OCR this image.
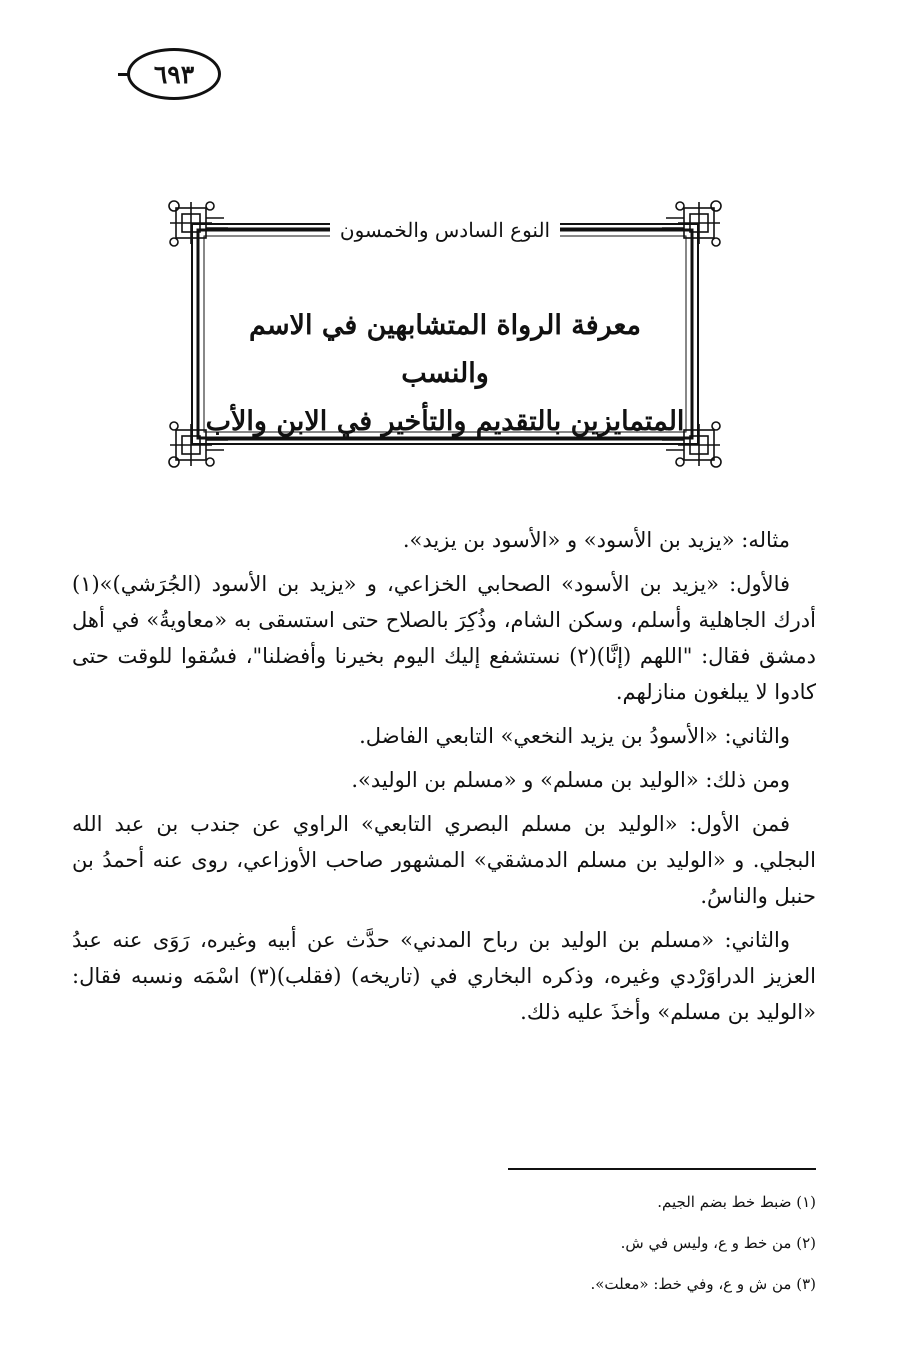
٦٩٣
النوع السادس والخمسون
معرفة الرواة المتشابهين في الاسم والنسب
المتمايزين بالتقديم والتأخير في الابن والأب

مثاله: «يزيد بن الأسود» و «الأسود بن يزيد».

فالأول: «يزيد بن الأسود» الصحابي الخزاعي، و «يزيد بن الأسود (الجُرَشي)»(١) أدرك الجاهلية وأسلم، وسكن الشام، وذُكِرَ بالصلاح حتى استسقى به «معاويةُ» في أهل دمشق فقال: "اللهم (إنَّا)(٢) نستشفع إليك اليوم بخيرنا وأفضلنا"، فسُقوا للوقت حتى كادوا لا يبلغون منازلهم.

والثاني: «الأسودُ بن يزيد النخعي» التابعي الفاضل.

ومن ذلك: «الوليد بن مسلم» و «مسلم بن الوليد».

فمن الأول: «الوليد بن مسلم البصري التابعي» الراوي عن جندب بن عبد الله البجلي. و «الوليد بن مسلم الدمشقي» المشهور صاحب الأوزاعي، روى عنه أحمدُ بن حنبل والناسُ.

والثاني: «مسلم بن الوليد بن رباح المدني» حدَّث عن أبيه وغيره، رَوَى عنه عبدُ العزيز الدراوَرْدي وغيره، وذكره البخاري في (تاريخه) (فقلب)(٣) اسْمَه ونسبه فقال: «الوليد بن مسلم» وأخذَ عليه ذلك.

(١) ضبط خط بضم الجيم.

(٢) من خط و ع، وليس في ش.

(٣) من ش و ع، وفي خط: «معلت».
